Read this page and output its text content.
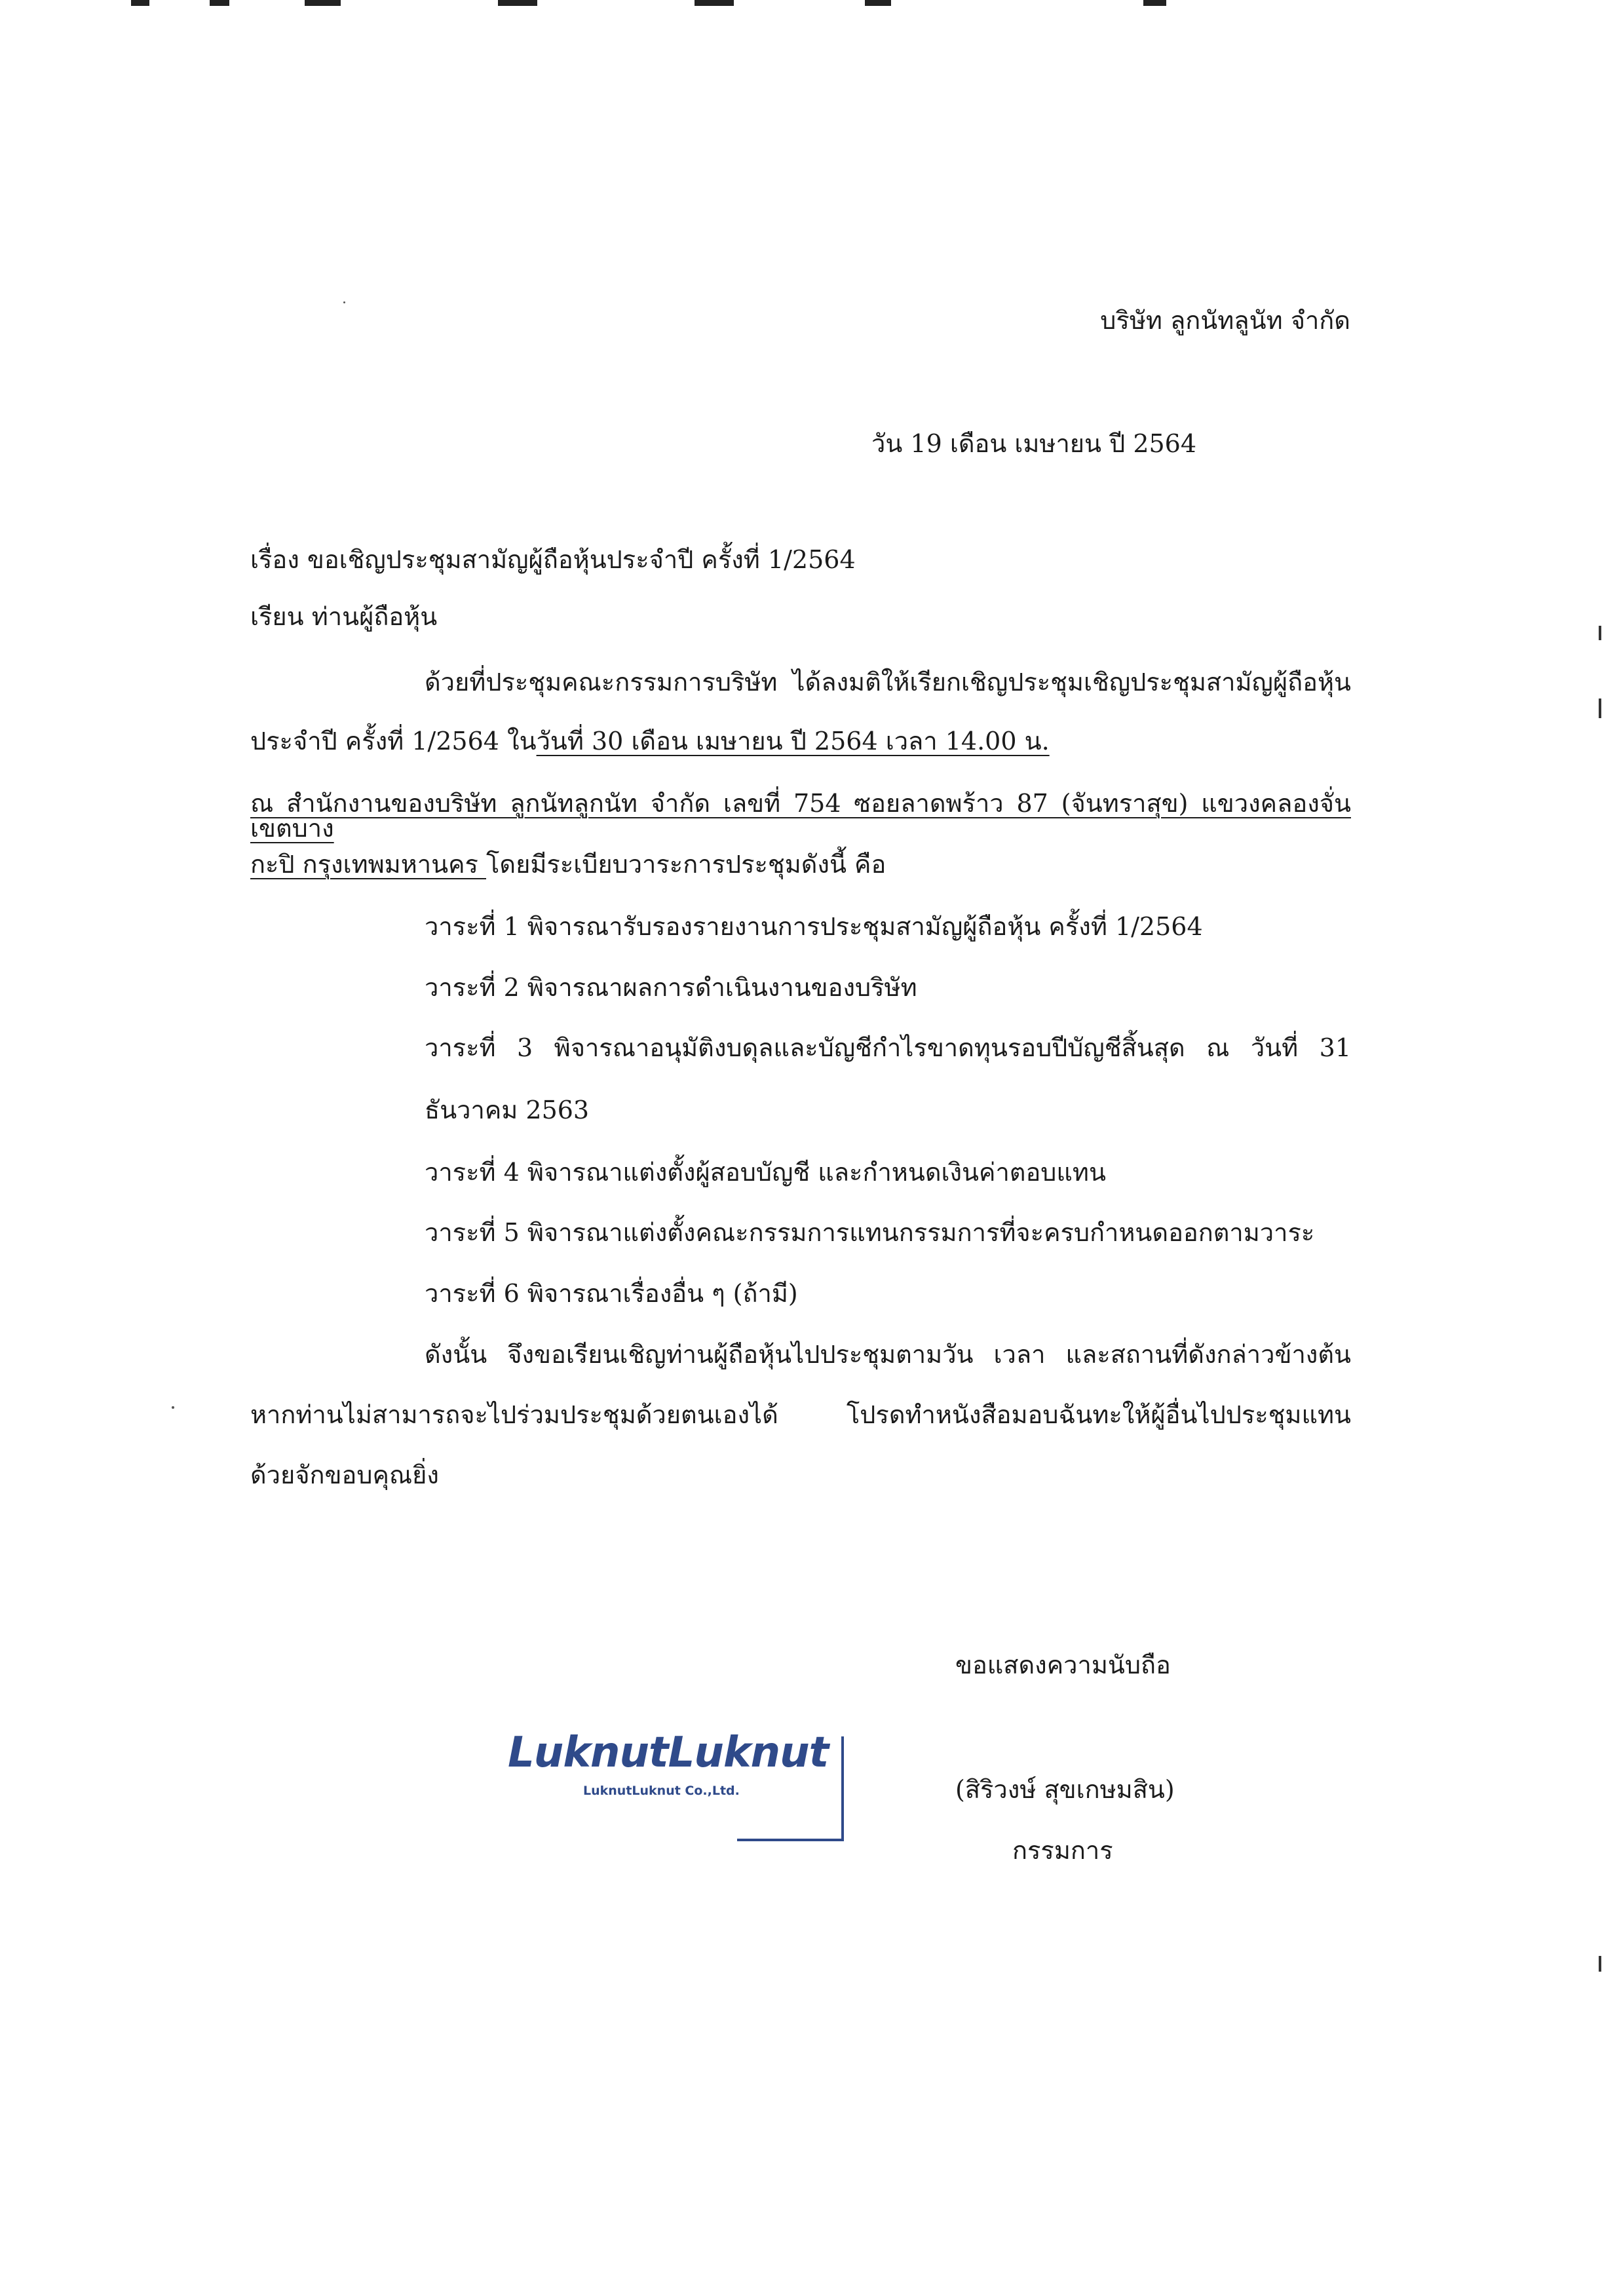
บริษัท ลูกนัทลูนัท จำกัด
วัน 19 เดือน เมษายน ปี 2564
เรื่อง ขอเชิญประชุมสามัญผู้ถือหุ้นประจำปี ครั้งที่ 1/2564
เรียน ท่านผู้ถือหุ้น
ด้วยที่ประชุมคณะกรรมการบริษัท ได้ลงมติให้เรียกเชิญประชุมเชิญประชุมสามัญผู้ถือหุ้น
ประจำปี ครั้งที่ 1/2564 ในวันที่ 30 เดือน เมษายน ปี 2564 เวลา 14.00 น.
ณ สำนักงานของบริษัท ลูกนัทลูกนัท จำกัด เลขที่ 754 ซอยลาดพร้าว 87 (จันทราสุข) แขวงคลองจั่น เขตบาง
กะปิ กรุงเทพมหานคร โดยมีระเบียบวาระการประชุมดังนี้ คือ
วาระที่ 1 พิจารณารับรองรายงานการประชุมสามัญผู้ถือหุ้น ครั้งที่ 1/2564
วาระที่ 2 พิจารณาผลการดำเนินงานของบริษัท
วาระที่ 3 พิจารณาอนุมัติงบดุลและบัญชีกำไรขาดทุนรอบปีบัญชีสิ้นสุด ณ วันที่ 31
ธันวาคม 2563
วาระที่ 4 พิจารณาแต่งตั้งผู้สอบบัญชี และกำหนดเงินค่าตอบแทน
วาระที่ 5 พิจารณาแต่งตั้งคณะกรรมการแทนกรรมการที่จะครบกำหนดออกตามวาระ
วาระที่ 6 พิจารณาเรื่องอื่น ๆ (ถ้ามี)
ดังนั้น จึงขอเรียนเชิญท่านผู้ถือหุ้นไปประชุมตามวัน เวลา และสถานที่ดังกล่าวข้างต้น
หากท่านไม่สามารถจะไปร่วมประชุมด้วยตนเองได้ โปรดทำหนังสือมอบฉันทะให้ผู้อื่นไปประชุมแทน
ด้วยจักขอบคุณยิ่ง
ขอแสดงความนับถือ
LuknutLuknut
LuknutLuknut Co.,Ltd.	(สิริวงษ์ สุขเกษมสิน)
กรรมการ
